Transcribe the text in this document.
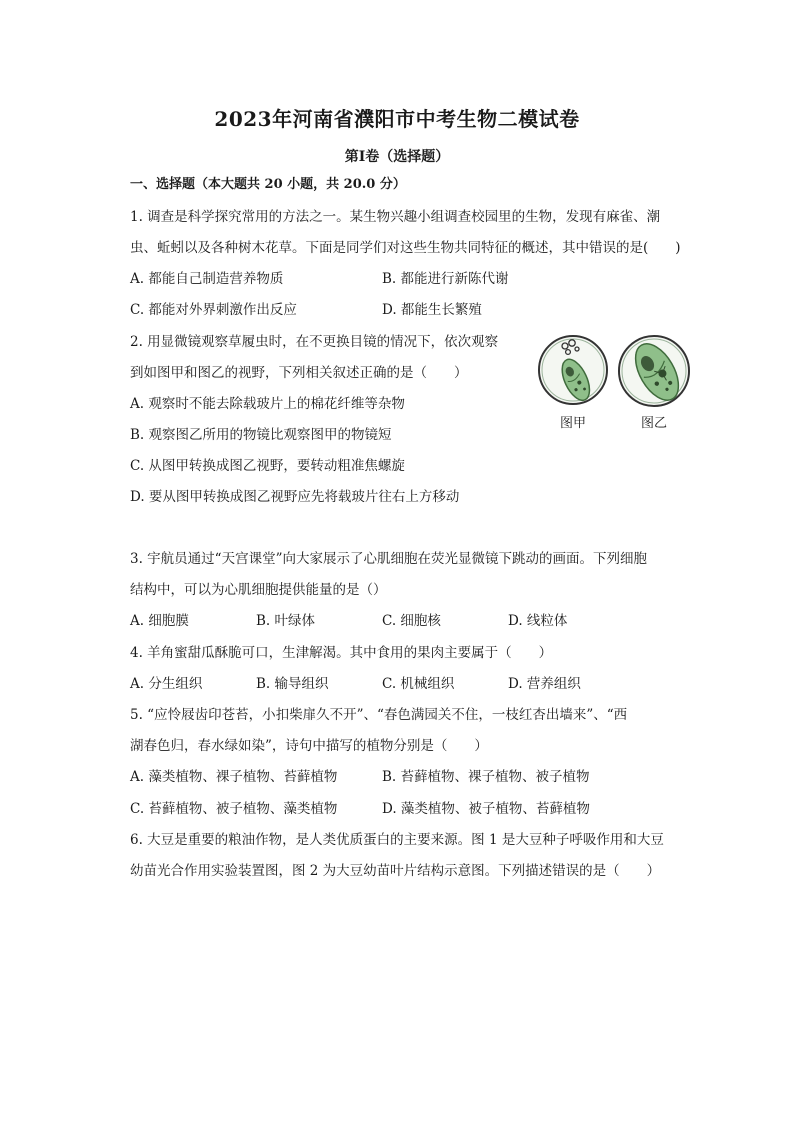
2023年河南省濮阳市中考生物二模试卷
第I卷（选择题）
一、选择题（本大题共 20 小题，共 20.0 分）
1. 调查是科学探究常用的方法之一。某生物兴趣小组调查校园里的生物，发现有麻雀、潮
虫、蚯蚓以及各种树木花草。下面是同学们对这些生物共同特征的概述，其中错误的是(　　)
A. 都能自己制造营养物质	B. 都能进行新陈代谢
C. 都能对外界刺激作出反应	D. 都能生长繁殖
2. 用显微镜观察草履虫时，在不更换目镜的情况下，依次观察
到如图甲和图乙的视野，下列相关叙述正确的是（　　）
A. 观察时不能去除载玻片上的棉花纤维等杂物
B. 观察图乙所用的物镜比观察图甲的物镜短
C. 从图甲转换成图乙视野，要转动粗准焦螺旋
D. 要从图甲转换成图乙视野应先将载玻片往右上方移动
图甲	图乙
3. 宇航员通过“天宫课堂”向大家展示了心肌细胞在荧光显微镜下跳动的画面。下列细胞
结构中，可以为心肌细胞提供能量的是（）
A. 细胞膜	B. 叶绿体	C. 细胞核	D. 线粒体
4. 羊角蜜甜瓜酥脆可口，生津解渴。其中食用的果肉主要属于（　　）
A. 分生组织	B. 输导组织	C. 机械组织	D. 营养组织
5. “应怜屐齿印苍苔，小扣柴扉久不开”、“春色满园关不住，一枝红杏出墙来”、“西
湖春色归，春水绿如染”，诗句中描写的植物分别是（　　）
A. 藻类植物、裸子植物、苔藓植物	B. 苔藓植物、裸子植物、被子植物
C. 苔藓植物、被子植物、藻类植物	D. 藻类植物、被子植物、苔藓植物
6. 大豆是重要的粮油作物，是人类优质蛋白的主要来源。图 1 是大豆种子呼吸作用和大豆
幼苗光合作用实验装置图，图 2 为大豆幼苗叶片结构示意图。下列描述错误的是（　　）
